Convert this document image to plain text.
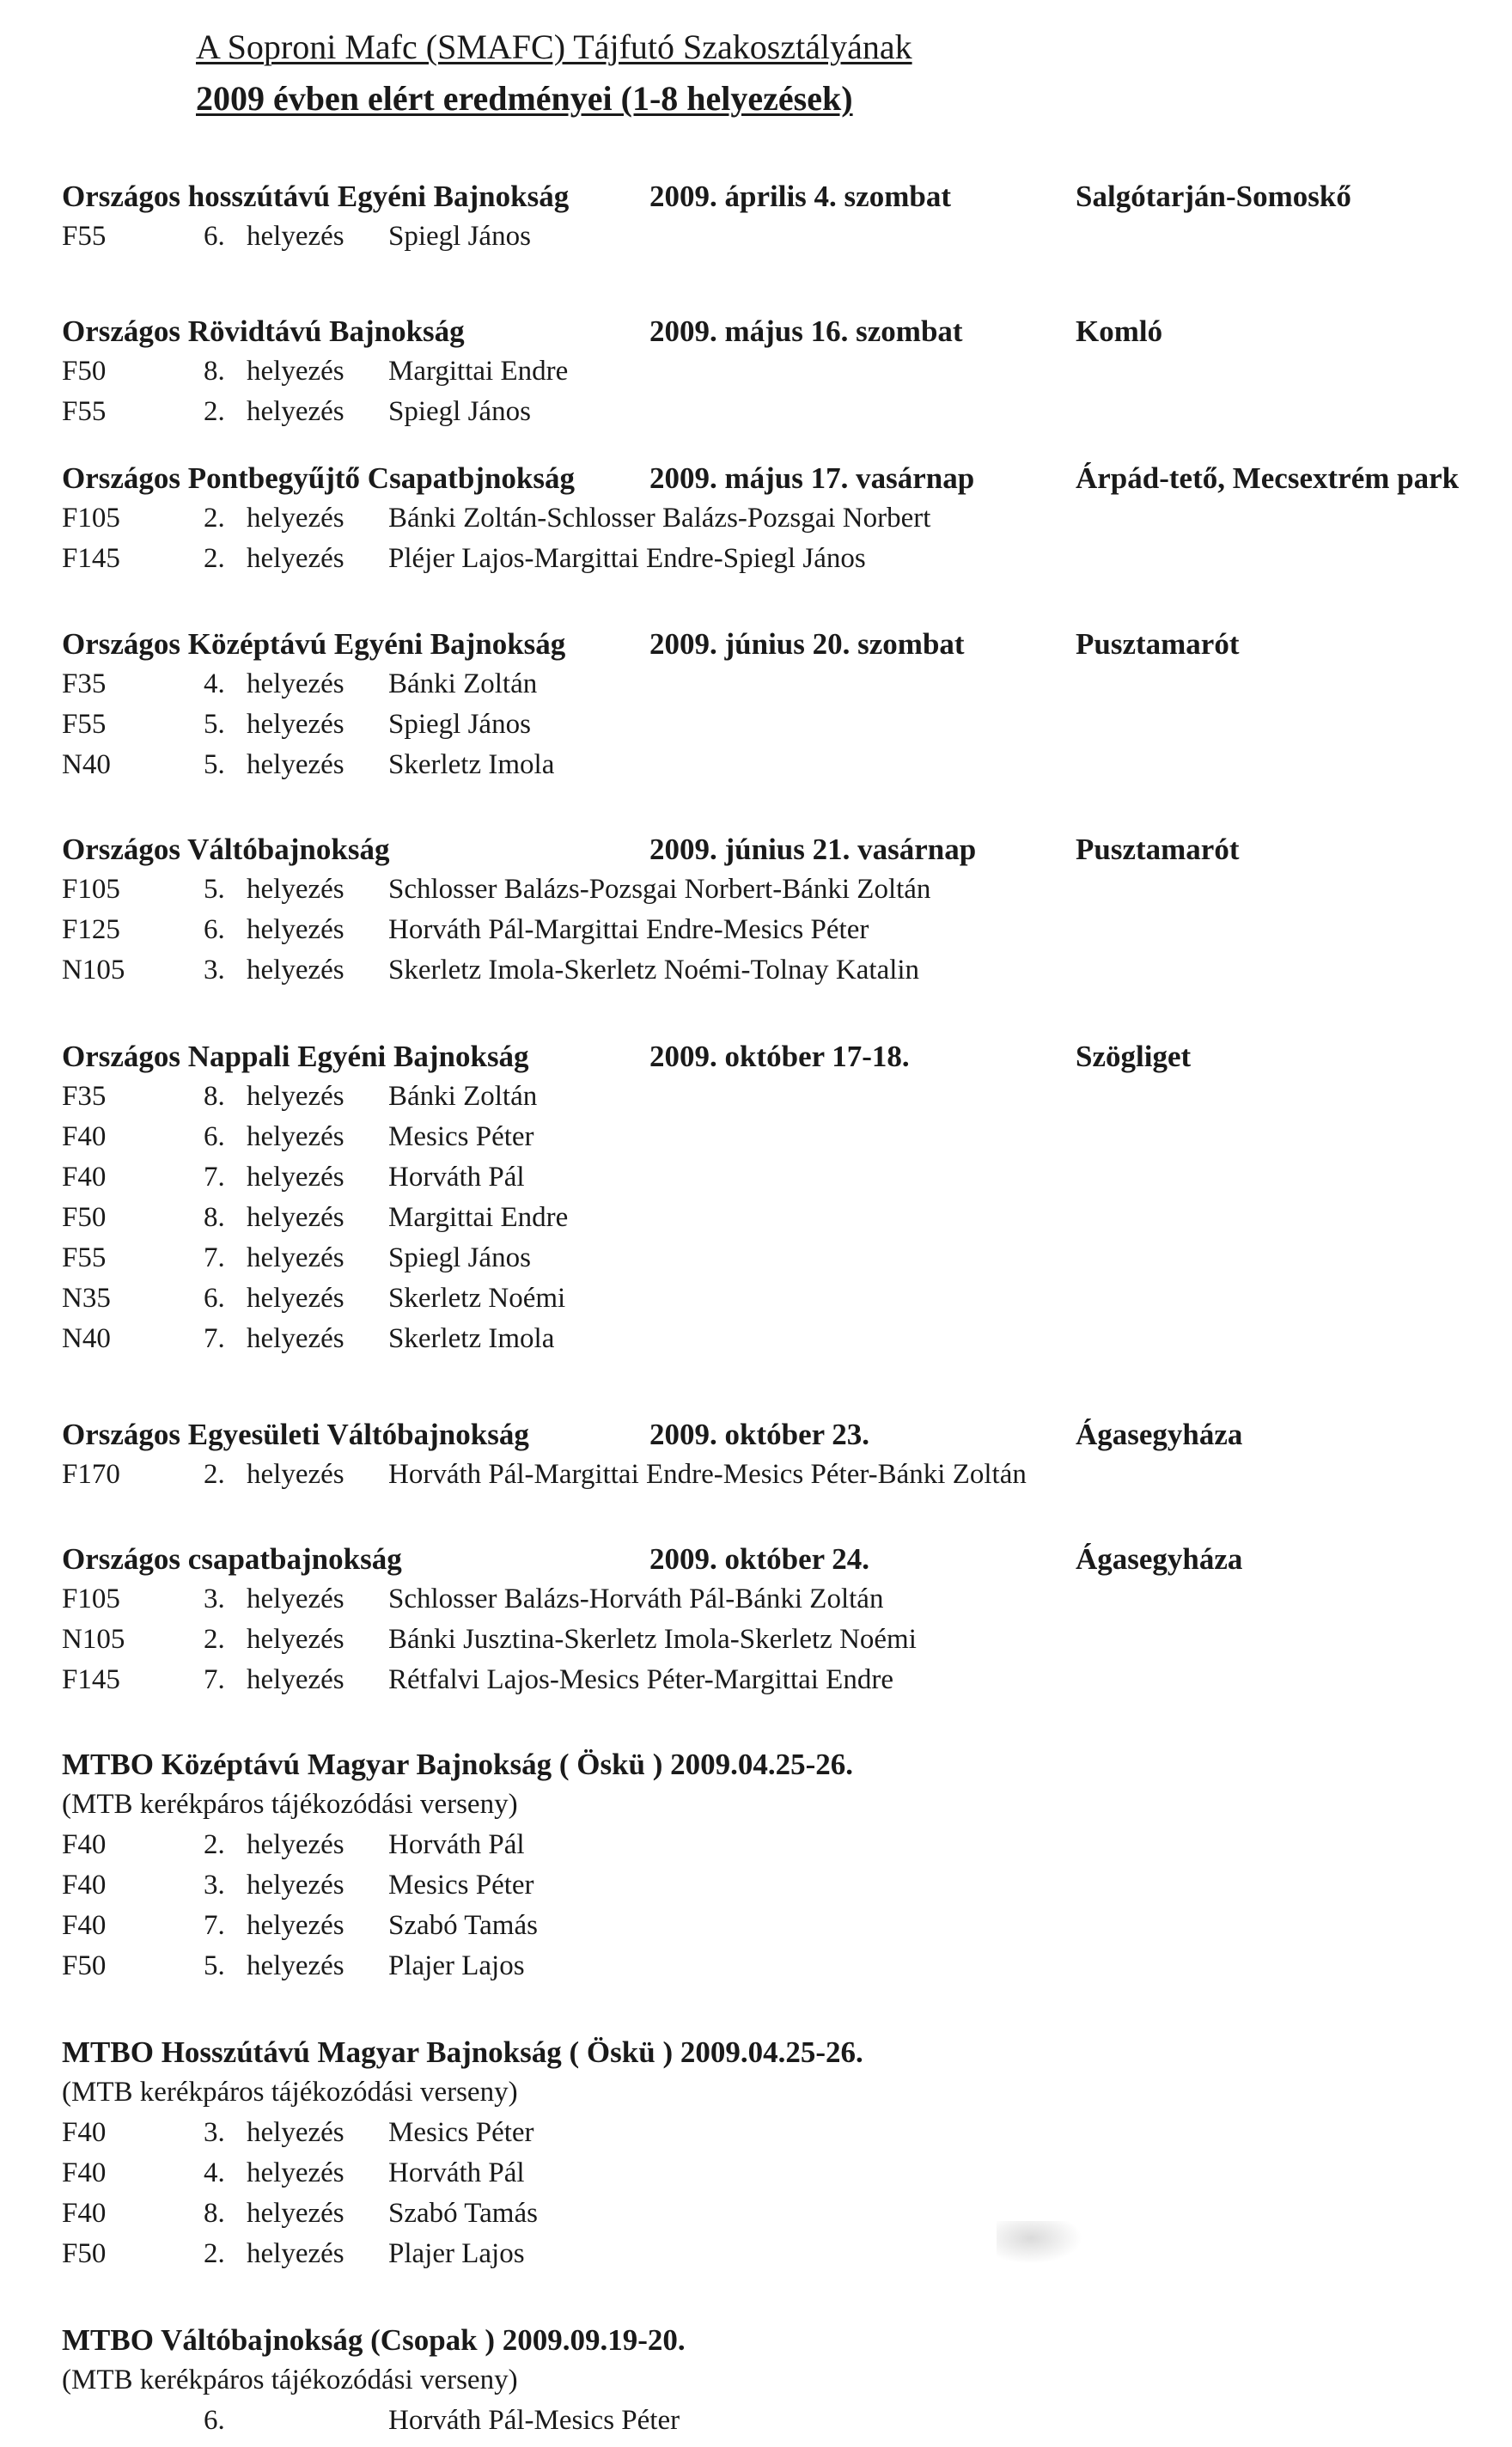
A Soproni Mafc (SMAFC) Tájfutó Szakosztályának
2009 évben elért eredményei (1-8 helyezések)
Országos hosszútávú Egyéni Bajnokság	2009. április 4. szombat	Salgótarján-Somoskő
F55	6. helyezés Spiegl János
Országos Rövidtávú Bajnokság	2009. május 16. szombat	Komló
F50	8. helyezés Margittai Endre
F55	2. helyezés Spiegl János
Országos Pontbegyűjtő Csapatbjnokság 2009. május 17. vasárnap	Árpád-tető, Mecsextrém park
F105	2. helyezés Bánki Zoltán-Schlosser Balázs-Pozsgai Norbert
F145	2. helyezés Pléjer Lajos-Margittai Endre-Spiegl János
Országos Középtávú Egyéni Bajnokság	2009. június 20. szombat	Pusztamarót
F35	4. helyezés Bánki Zoltán
F55	5. helyezés Spiegl János
N40	5. helyezés Skerletz Imola
Országos Váltóbajnokság	2009. június 21. vasárnap	Pusztamarót
F105	5. helyezés Schlosser Balázs-Pozsgai Norbert-Bánki Zoltán
F125	6. helyezés Horváth Pál-Margittai Endre-Mesics Péter
N105	3. helyezés Skerletz Imola-Skerletz Noémi-Tolnay Katalin
Országos Nappali Egyéni Bajnokság	2009. október 17-18.	Szögliget
F35	8. helyezés Bánki Zoltán
F40	6. helyezés Mesics Péter
F40	7. helyezés Horváth Pál
F50	8. helyezés Margittai Endre
F55	7. helyezés Spiegl János
N35	6. helyezés Skerletz Noémi
N40	7. helyezés Skerletz Imola
Országos Egyesületi Váltóbajnokság	2009. október 23.	Ágasegyháza
F170	2. helyezés Horváth Pál-Margittai Endre-Mesics Péter-Bánki Zoltán
Országos csapatbajnokság	2009. október 24.	Ágasegyháza
F105	3. helyezés Schlosser Balázs-Horváth Pál-Bánki Zoltán
N105	2. helyezés Bánki Jusztina-Skerletz Imola-Skerletz Noémi
F145	7. helyezés Rétfalvi Lajos-Mesics Péter-Margittai Endre
MTBO Középtávú Magyar Bajnokság ( Öskü ) 2009.04.25-26.
(MTB kerékpáros tájékozódási verseny)
F40	2. helyezés Horváth Pál
F40	3. helyezés Mesics Péter
F40	7. helyezés Szabó Tamás
F50	5. helyezés Plajer Lajos
MTBO Hosszútávú Magyar Bajnokság ( Öskü ) 2009.04.25-26.
(MTB kerékpáros tájékozódási verseny)
F40	3. helyezés Mesics Péter
F40	4. helyezés Horváth Pál
F40	8. helyezés Szabó Tamás
F50	2. helyezés Plajer Lajos
MTBO Váltóbajnokság (Csopak ) 2009.09.19-20.
(MTB kerékpáros tájékozódási verseny)
6.	Horváth Pál-Mesics Péter
